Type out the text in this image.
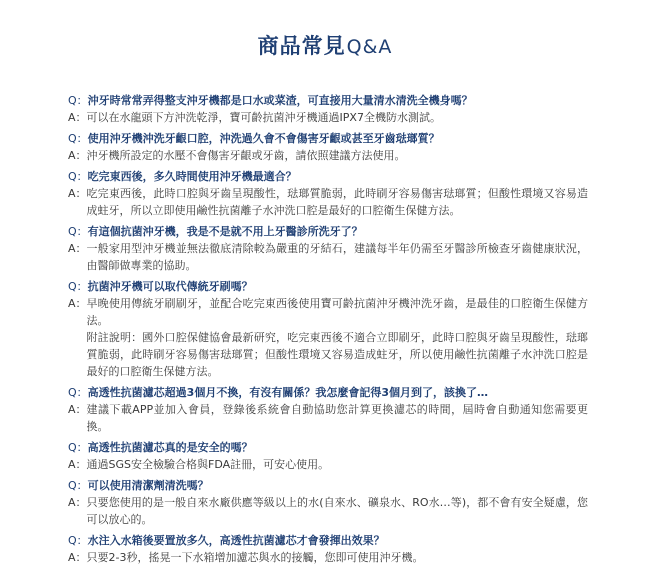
商品常見Q&A
Q： 沖牙時常常弄得整支沖牙機都是口水或菜渣，可直接用大量清水清洗全機身嗎？
A： 可以在水龍頭下方沖洗乾淨，寶可齡抗菌沖牙機通過IPX7全機防水測試。
Q： 使用沖牙機沖洗牙齦口腔，沖洗過久會不會傷害牙齦或甚至牙齒琺瑯質？
A： 沖牙機所設定的水壓不會傷害牙齦或牙齒，請依照建議方法使用。
Q： 吃完東西後，多久時間使用沖牙機最適合？
A： 吃完東西後，此時口腔與牙齒呈現酸性，琺瑯質脆弱，此時刷牙容易傷害琺瑯質；但酸性環境又容易造成蛀牙，所以立即使用鹼性抗菌離子水沖洗口腔是最好的口腔衛生保健方法。
Q： 有這個抗菌沖牙機，我是不是就不用上牙醫診所洗牙了？
A： 一般家用型沖牙機並無法徹底清除較為嚴重的牙結石，建議每半年仍需至牙醫診所檢查牙齒健康狀況，由醫師做專業的協助。
Q： 抗菌沖牙機可以取代傳統牙刷嗎？
A： 早晚使用傳統牙刷刷牙，並配合吃完東西後使用寶可齡抗菌沖牙機沖洗牙齒，是最佳的口腔衛生保健方法。
附註說明：國外口腔保健協會最新研究，吃完東西後不適合立即刷牙，此時口腔與牙齒呈現酸性，琺瑯質脆弱，此時刷牙容易傷害琺瑯質；但酸性環境又容易造成蛀牙，所以使用鹼性抗菌離子水沖洗口腔是最好的口腔衛生保健方法。
Q： 高透性抗菌濾芯超過3個月不換，有沒有關係？我怎麼會記得3個月到了，該換了…
A： 建議下載APP並加入會員，登錄後系統會自動協助您計算更換濾芯的時間，屆時會自動通知您需要更換。
Q： 高透性抗菌濾芯真的是安全的嗎？
A： 通過SGS安全檢驗合格與FDA註冊，可安心使用。
Q： 可以使用清潔劑清洗嗎？
A： 只要您使用的是一般自來水廠供應等級以上的水(自來水、礦泉水、RO水…等)，都不會有安全疑慮，您可以放心的。
Q： 水注入水箱後要置放多久，高透性抗菌濾芯才會發揮出效果？
A： 只要2-3秒，搖晃一下水箱增加濾芯與水的接觸，您即可使用沖牙機。
